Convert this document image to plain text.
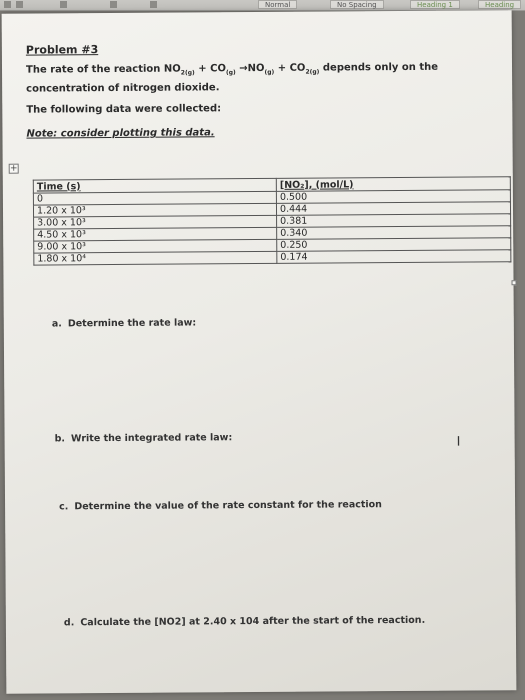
Normal	No Spacing	Heading 1	Heading
Problem #3
The rate of the reaction $NO_{2(g)} + CO_{(g)} \to NO_{(g)} + CO_{2(g)}$ depends only on the concentration of nitrogen dioxide.
The following data were collected:
Note: consider plotting this data.
+
Time (s)	[NO₂], (mol/L)
0	0.500
1.20 x 10³	0.444
3.00 x 10³	0.381
4.50 x 10³	0.340
9.00 x 10³	0.250
1.80 x 10⁴	0.174
a. Determine the rate law:
b. Write the integrated rate law:
c. Determine the value of the rate constant for the reaction
d. Calculate the [NO2] at 2.40 x 104 after the start of the reaction.
I
